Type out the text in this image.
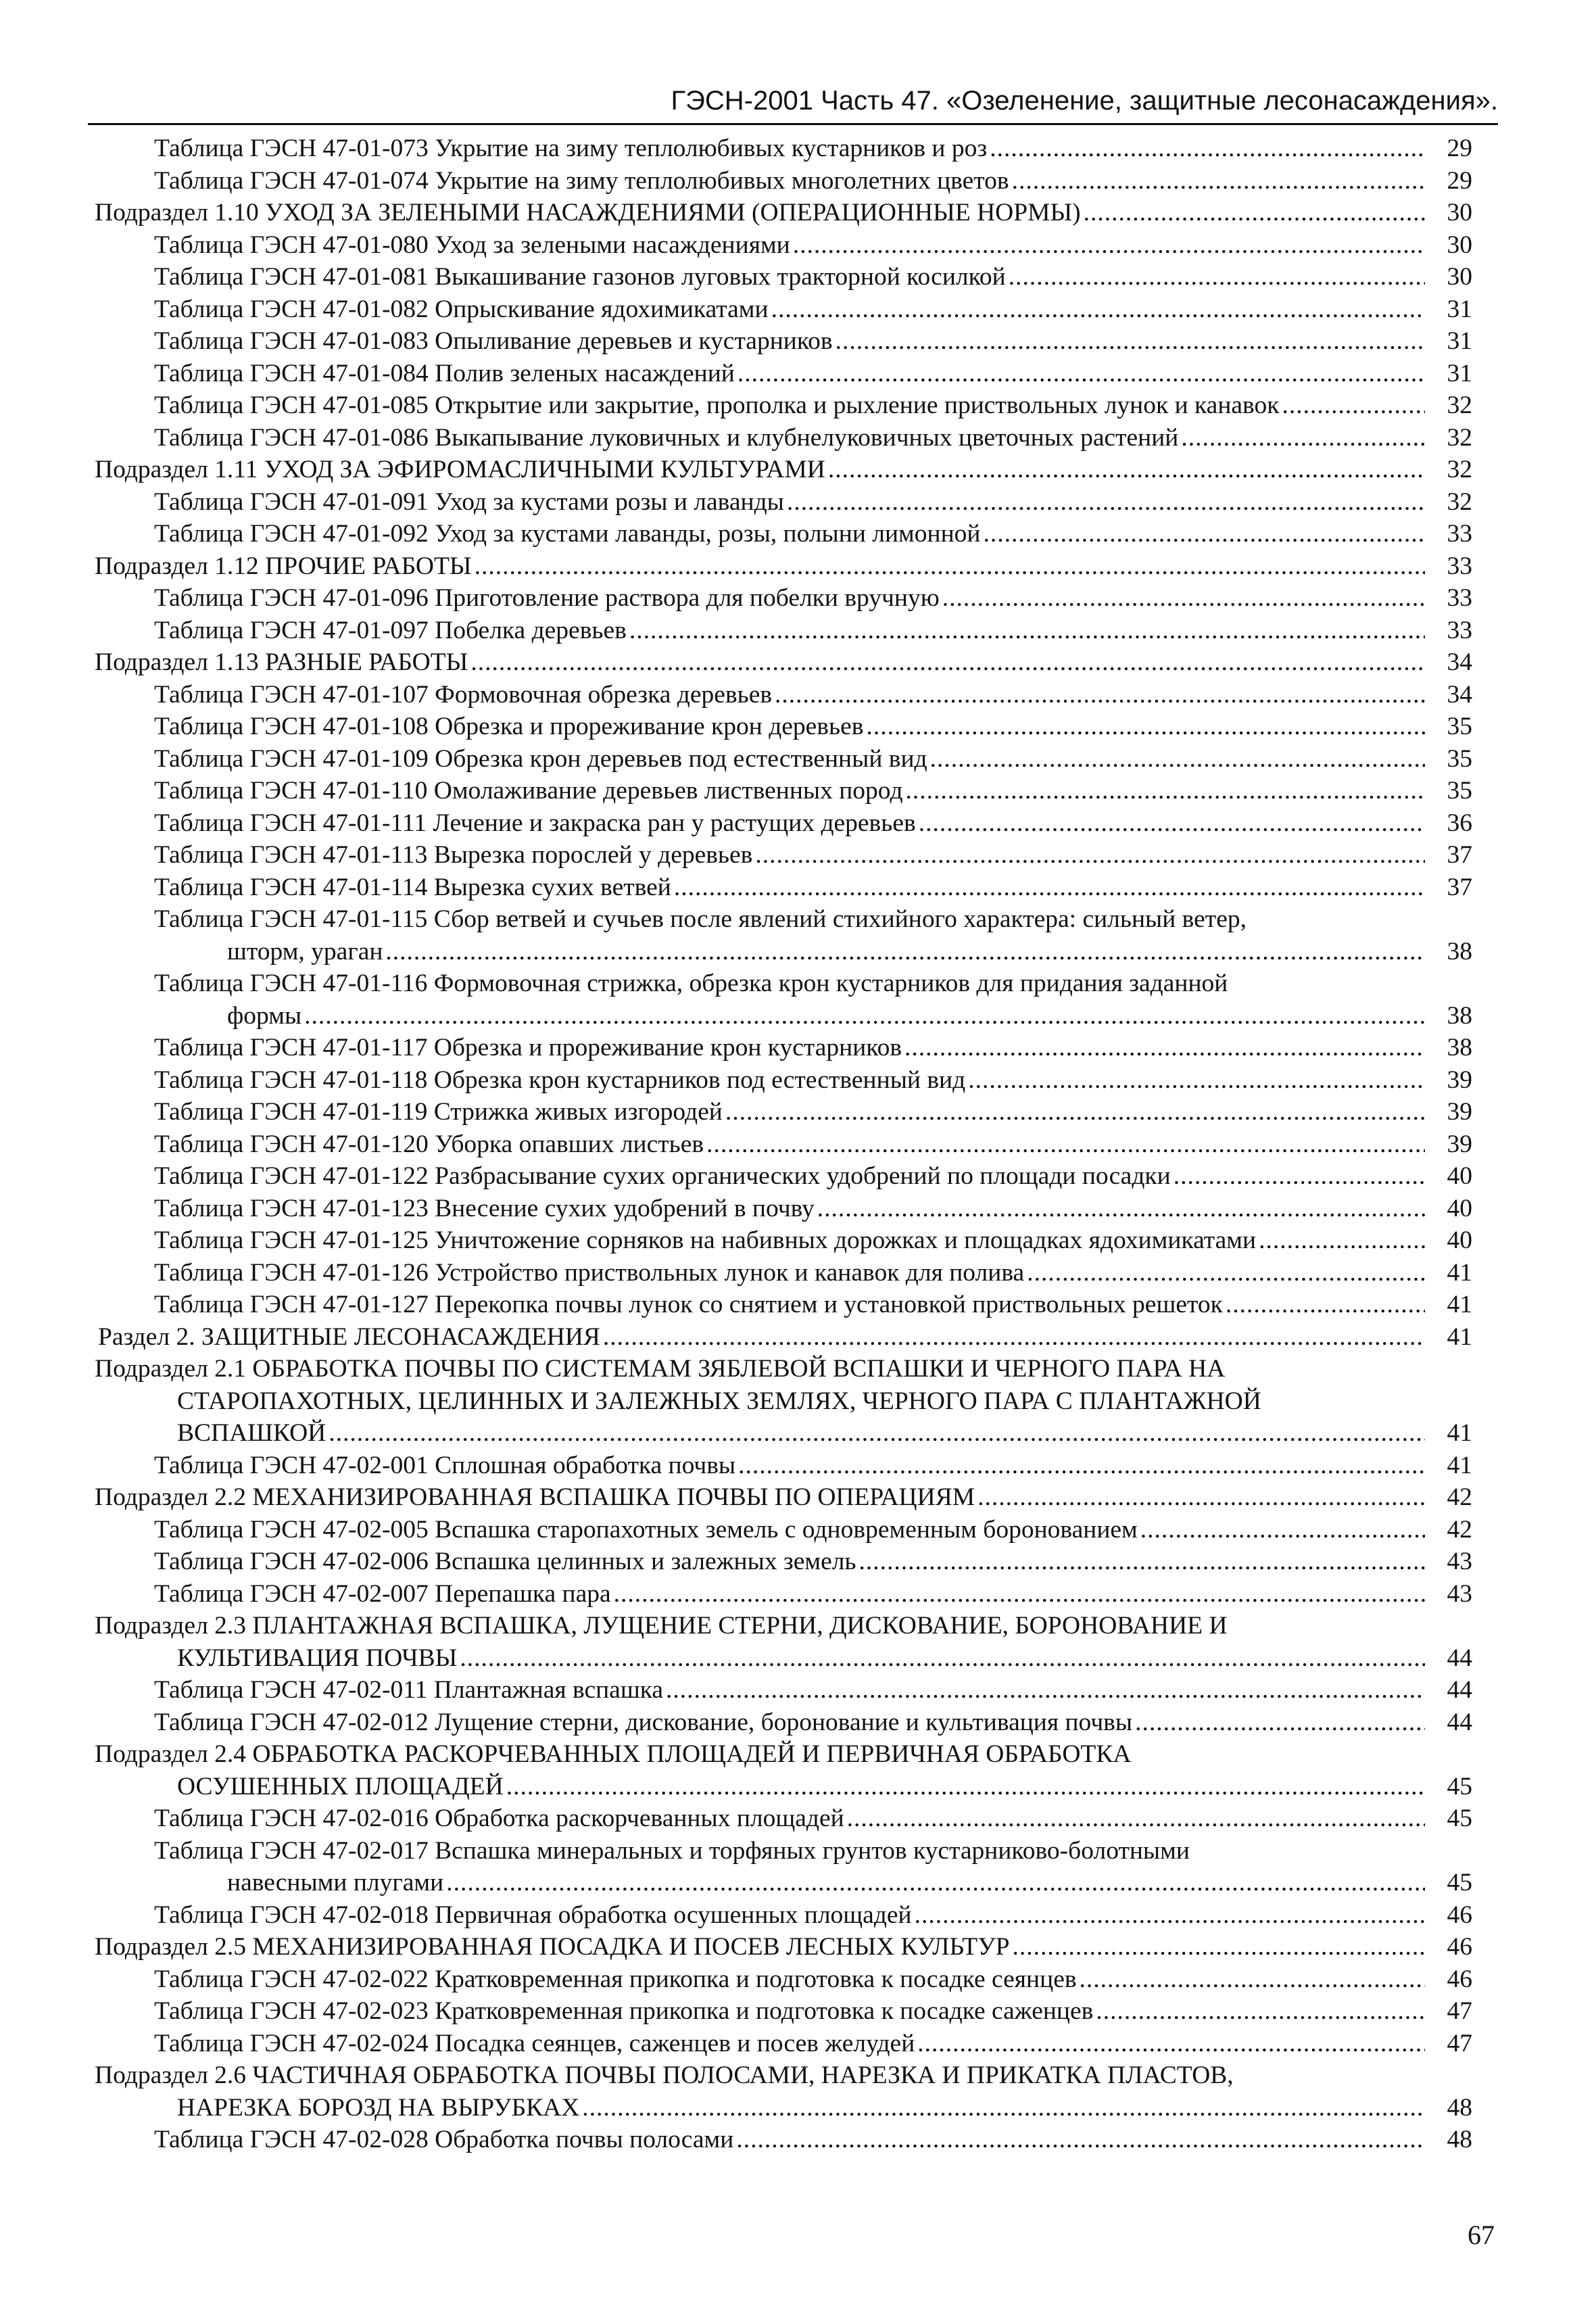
ГЭСН-2001 Часть 47. «Озеленение, защитные лесонасаждения».
Таблица ГЭСН 47-01-073 Укрытие на зиму теплолюбивых кустарников и роз .....	29
Таблица ГЭСН 47-01-074 Укрытие на зиму теплолюбивых многолетних цветов .....	29
Подраздел 1.10 УХОД ЗА ЗЕЛЕНЫМИ НАСАЖДЕНИЯМИ (ОПЕРАЦИОННЫЕ НОРМЫ) .....	30
Таблица ГЭСН 47-01-080 Уход за зелеными насаждениями .....	30
Таблица ГЭСН 47-01-081 Выкашивание газонов луговых тракторной косилкой .....	30
Таблица ГЭСН 47-01-082 Опрыскивание ядохимикатами .....	31
Таблица ГЭСН 47-01-083 Опыливание деревьев и кустарников .....	31
Таблица ГЭСН 47-01-084 Полив зеленых насаждений .....	31
Таблица ГЭСН 47-01-085 Открытие или закрытие, прополка и рыхление приствольных лунок и канавок .....	32
Таблица ГЭСН 47-01-086 Выкапывание луковичных и клубнелуковичных цветочных растений .....	32
Подраздел 1.11 УХОД ЗА ЭФИРОМАСЛИЧНЫМИ КУЛЬТУРАМИ .....	32
Таблица ГЭСН 47-01-091 Уход за кустами розы и лаванды .....	32
Таблица ГЭСН 47-01-092 Уход за кустами лаванды, розы, полыни лимонной .....	33
Подраздел 1.12 ПРОЧИЕ РАБОТЫ .....	33
Таблица ГЭСН 47-01-096 Приготовление раствора для побелки вручную .....	33
Таблица ГЭСН 47-01-097 Побелка деревьев .....	33
Подраздел 1.13 РАЗНЫЕ РАБОТЫ .....	34
Таблица ГЭСН 47-01-107 Формовочная обрезка деревьев .....	34
Таблица ГЭСН 47-01-108 Обрезка и прореживание крон деревьев .....	35
Таблица ГЭСН 47-01-109 Обрезка крон деревьев под естественный вид .....	35
Таблица ГЭСН 47-01-110 Омолаживание деревьев лиственных пород .....	35
Таблица ГЭСН 47-01-111 Лечение и закраска ран у растущих деревьев .....	36
Таблица ГЭСН 47-01-113 Вырезка порослей у деревьев .....	37
Таблица ГЭСН 47-01-114 Вырезка сухих ветвей .....	37
Таблица ГЭСН 47-01-115 Сбор ветвей и сучьев после явлений стихийного характера: сильный ветер,
шторм, ураган .....	38
Таблица ГЭСН 47-01-116 Формовочная стрижка, обрезка крон кустарников для придания заданной
формы .....	38
Таблица ГЭСН 47-01-117 Обрезка и прореживание крон кустарников .....	38
Таблица ГЭСН 47-01-118 Обрезка крон кустарников под естественный вид .....	39
Таблица ГЭСН 47-01-119 Стрижка живых изгородей .....	39
Таблица ГЭСН 47-01-120 Уборка опавших листьев .....	39
Таблица ГЭСН 47-01-122 Разбрасывание сухих органических удобрений по площади посадки .....	40
Таблица ГЭСН 47-01-123 Внесение сухих удобрений в почву .....	40
Таблица ГЭСН 47-01-125 Уничтожение сорняков на набивных дорожках и площадках ядохимикатами .....	40
Таблица ГЭСН 47-01-126 Устройство приствольных лунок и канавок для полива .....	41
Таблица ГЭСН 47-01-127 Перекопка почвы лунок со снятием и установкой приствольных решеток .....	41
Раздел 2. ЗАЩИТНЫЕ ЛЕСОНАСАЖДЕНИЯ .....	41
Подраздел 2.1 ОБРАБОТКА ПОЧВЫ ПО СИСТЕМАМ ЗЯБЛЕВОЙ ВСПАШКИ И ЧЕРНОГО ПАРА НА
СТАРОПАХОТНЫХ, ЦЕЛИННЫХ И ЗАЛЕЖНЫХ ЗЕМЛЯХ, ЧЕРНОГО ПАРА С ПЛАНТАЖНОЙ
ВСПАШКОЙ .....	41
Таблица ГЭСН 47-02-001 Сплошная обработка почвы .....	41
Подраздел 2.2 МЕХАНИЗИРОВАННАЯ ВСПАШКА ПОЧВЫ ПО ОПЕРАЦИЯМ .....	42
Таблица ГЭСН 47-02-005 Вспашка старопахотных земель с одновременным боронованием .....	42
Таблица ГЭСН 47-02-006 Вспашка целинных и залежных земель .....	43
Таблица ГЭСН 47-02-007 Перепашка пара .....	43
Подраздел 2.3 ПЛАНТАЖНАЯ ВСПАШКА, ЛУЩЕНИЕ СТЕРНИ, ДИСКОВАНИЕ, БОРОНОВАНИЕ И
КУЛЬТИВАЦИЯ ПОЧВЫ .....	44
Таблица ГЭСН 47-02-011 Плантажная вспашка .....	44
Таблица ГЭСН 47-02-012 Лущение стерни, дискование, боронование и культивация почвы .....	44
Подраздел 2.4 ОБРАБОТКА РАСКОРЧЕВАННЫХ ПЛОЩАДЕЙ И ПЕРВИЧНАЯ ОБРАБОТКА
ОСУШЕННЫХ ПЛОЩАДЕЙ .....	45
Таблица ГЭСН 47-02-016 Обработка раскорчеванных площадей .....	45
Таблица ГЭСН 47-02-017 Вспашка минеральных и торфяных грунтов кустарниково-болотными
навесными плугами .....	45
Таблица ГЭСН 47-02-018 Первичная обработка осушенных площадей .....	46
Подраздел 2.5 МЕХАНИЗИРОВАННАЯ ПОСАДКА И ПОСЕВ ЛЕСНЫХ КУЛЬТУР .....	46
Таблица ГЭСН 47-02-022 Кратковременная прикопка и подготовка к посадке сеянцев .....	46
Таблица ГЭСН 47-02-023 Кратковременная прикопка и подготовка к посадке саженцев .....	47
Таблица ГЭСН 47-02-024 Посадка сеянцев, саженцев и посев желудей .....	47
Подраздел 2.6 ЧАСТИЧНАЯ ОБРАБОТКА ПОЧВЫ ПОЛОСАМИ, НАРЕЗКА И ПРИКАТКА ПЛАСТОВ,
НАРЕЗКА БОРОЗД НА ВЫРУБКАХ .....	48
Таблица ГЭСН 47-02-028 Обработка почвы полосами .....	48
67
